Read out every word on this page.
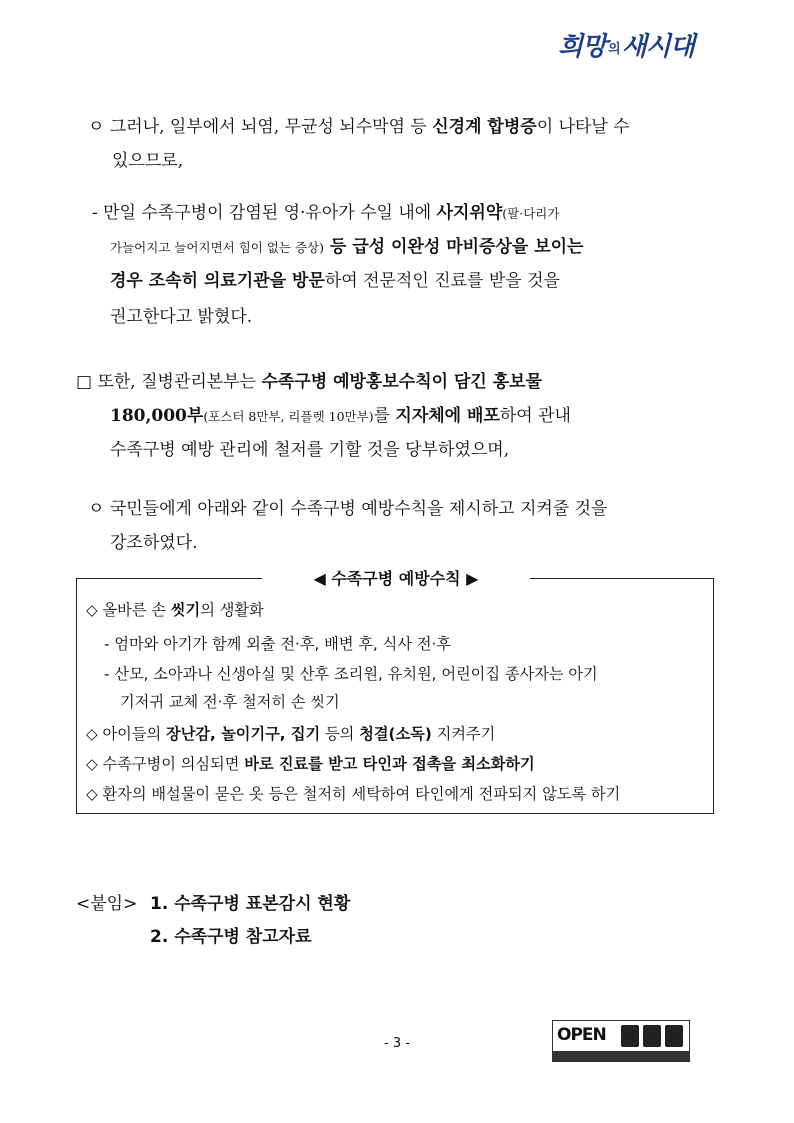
희망 의새시대
ㅇ 그러나, 일부에서 뇌염, 무균성 뇌수막염 등 신경계 합병증이 나타날 수
있으므로,
- 만일 수족구병이 감염된 영·유아가 수일 내에 사지위약(팔·다리가
가늘어지고 늘어지면서 힘이 없는 증상) 등 급성 이완성 마비증상을 보이는
경우 조속히 의료기관을 방문하여 전문적인 진료를 받을 것을
권고한다고 밝혔다.
□ 또한, 질병관리본부는 수족구병 예방홍보수칙이 담긴 홍보물
180,000부(포스터 8만부, 리플렛 10만부)를 지자체에 배포하여 관내
수족구병 예방 관리에 철저를 기할 것을 당부하였으며,
ㅇ 국민들에게 아래와 같이 수족구병 예방수칙을 제시하고 지켜줄 것을
강조하였다.
◀ 수족구병 예방수칙 ▶
◇ 올바른 손 씻기의 생활화
- 엄마와 아기가 함께 외출 전·후, 배변 후, 식사 전·후
- 산모, 소아과나 신생아실 및 산후 조리원, 유치원, 어린이집 종사자는 아기
기저귀 교체 전·후 철저히 손 씻기
◇ 아이들의 장난감, 놀이기구, 집기 등의 청결(소독) 지켜주기
◇ 수족구병이 의심되면 바로 진료를 받고 타인과 접촉을 최소화하기
◇ 환자의 배설물이 묻은 옷 등은 철저히 세탁하여 타인에게 전파되지 않도록 하기
<붙임> 1. 수족구병 표본감시 현황
2. 수족구병 참고자료
- 3 -	OPEN
